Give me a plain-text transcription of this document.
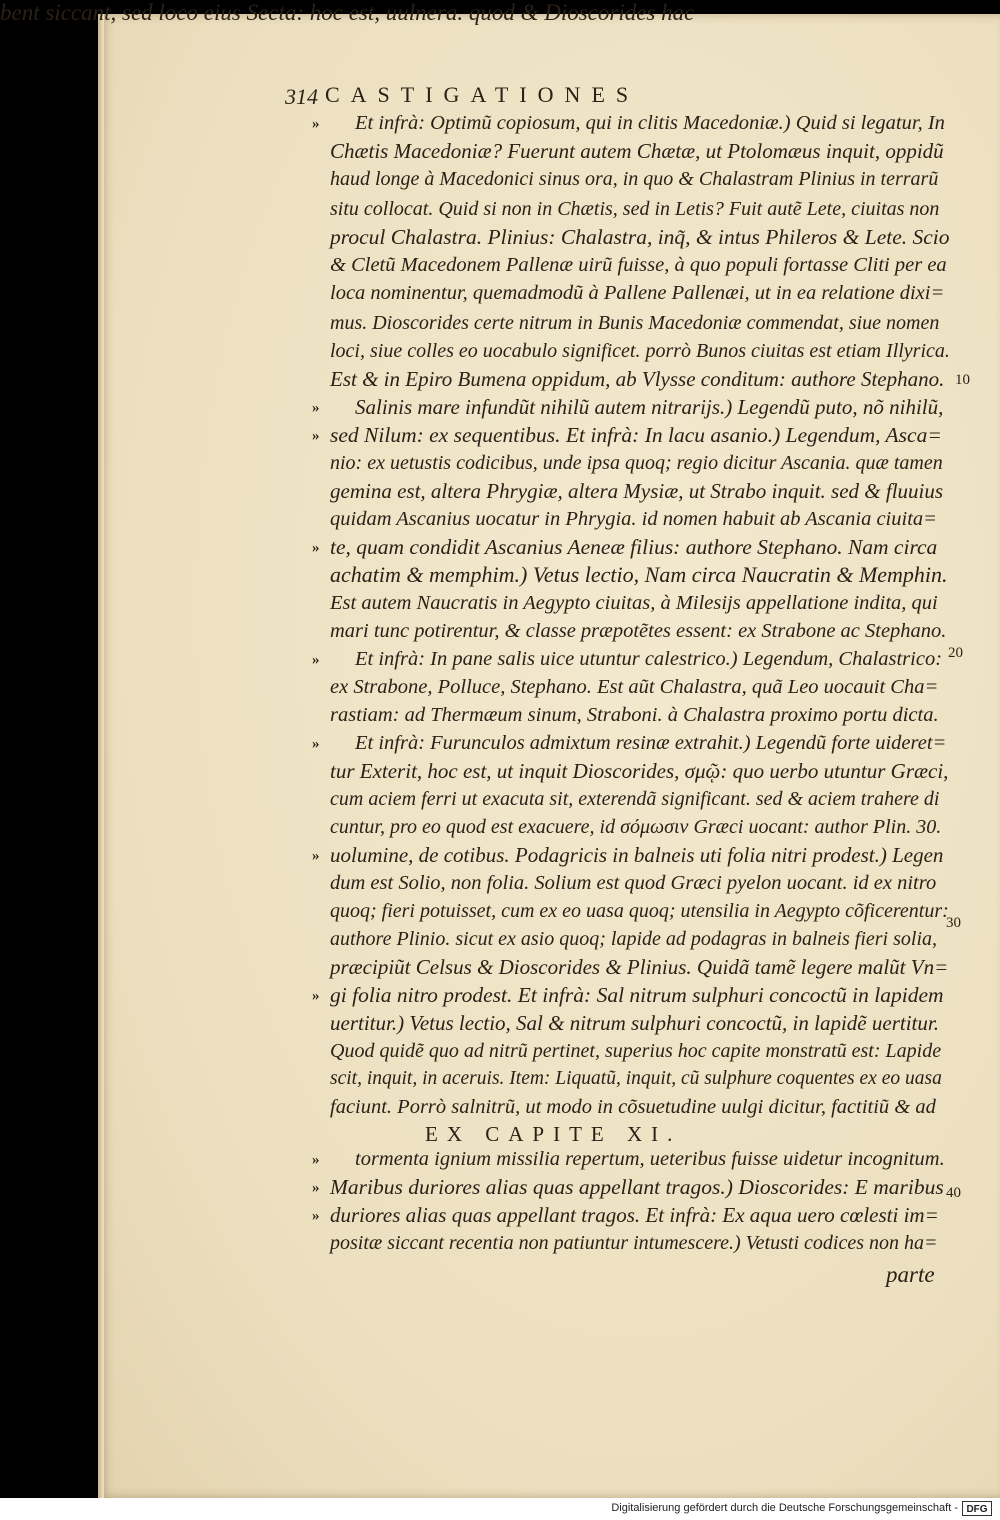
314 CASTIGATIONES
Et infrà: Optimũ copiosum, qui in clitis Macedoniæ.) Quid si legatur, In
Chætis Macedoniæ? Fuerunt autem Chætæ, ut Ptolomæus inquit, oppidũ
haud longe à Macedonici sinus ora, in quo & Chalastram Plinius in terrarũ
situ collocat. Quid si non in Chætis, sed in Letis? Fuit autẽ Lete, ciuitas non
procul Chalastra. Plinius: Chalastra, inq̃, & intus Phileros & Lete. Scio
& Cletũ Macedonem Pallenæ uirũ fuisse, à quo populi fortasse Cliti per ea
loca nominentur, quemadmodũ à Pallene Pallenæi, ut in ea relatione dixi=
mus. Dioscorides certe nitrum in Bunis Macedoniæ commendat, siue nomen
loci, siue colles eo uocabulo significet. porrò Bunos ciuitas est etiam Illyrica.
Est & in Epiro Bumena oppidum, ab Vlysse conditum: authore Stephano.
Salinis mare infundũt nihilũ autem nitrarijs.) Legendũ puto, nõ nihilũ,
sed Nilum: ex sequentibus. Et infrà: In lacu asanio.) Legendum, Asca=
nio: ex uetustis codicibus, unde ipsa quoq; regio dicitur Ascania. quæ tamen
gemina est, altera Phrygiæ, altera Mysiæ, ut Strabo inquit. sed & fluuius
quidam Ascanius uocatur in Phrygia. id nomen habuit ab Ascania ciuita=
te, quam condidit Ascanius Aeneæ filius: authore Stephano. Nam circa
achatim & memphim.) Vetus lectio, Nam circa Naucratin & Memphin.
Est autem Naucratis in Aegypto ciuitas, à Milesijs appellatione indita, qui
mari tunc potirentur, & classe præpotẽtes essent: ex Strabone ac Stephano.
Et infrà: In pane salis uice utuntur calestrico.) Legendum, Chalastrico:
ex Strabone, Polluce, Stephano. Est aũt Chalastra, quã Leo uocauit Cha=
rastiam: ad Thermæum sinum, Straboni. à Chalastra proximo portu dicta.
Et infrà: Furunculos admixtum resinæ extrahit.) Legendũ forte uideret=
tur Exterit, hoc est, ut inquit Dioscorides, σμῷ: quo uerbo utuntur Græci,
cum aciem ferri ut exacuta sit, exterendã significant. sed & aciem trahere di
cuntur, pro eo quod est exacuere, id σόμωσιν Græci uocant: author Plin. 30.
uolumine, de cotibus. Podagricis in balneis uti folia nitri prodest.) Legen
dum est Solio, non folia. Solium est quod Græci pyelon uocant. id ex nitro
quoq; fieri potuisset, cum ex eo uasa quoq; utensilia in Aegypto cõficerentur:
authore Plinio. sicut ex asio quoq; lapide ad podagras in balneis fieri solia,
præcipiũt Celsus & Dioscorides & Plinius. Quidã tamẽ legere malũt Vn=
gi folia nitro prodest. Et infrà: Sal nitrum sulphuri concoctũ in lapidem
uertitur.) Vetus lectio, Sal & nitrum sulphuri concoctũ, in lapidẽ uertitur.
Quod quidẽ quo ad nitrũ pertinet, superius hoc capite monstratũ est: Lapide
scit, inquit, in aceruis. Item: Liquatũ, inquit, cũ sulphure coquentes ex eo uasa
faciunt. Porrò salnitrũ, ut modo in cõsuetudine uulgi dicitur, factitiũ & ad
tormenta ignium missilia repertum, ueteribus fuisse uidetur incognitum.
Maribus duriores alias quas appellant tragos.) Dioscorides: E maribus
duriores alias quas appellant tragos. Et infrà: Ex aqua uero cœlesti im=
positæ siccant recentia non patiuntur intumescere.) Vetusti codices non ha=
bent siccant, sed loco eius Secta: hoc est, uulnera. quod & Dioscorides hac
»
»
»
»
»
»
»
»
»
»
»
EX CAPITE XI.
10
20
30
40
parte
Digitalisierung gefördert durch die Deutsche Forschungsgemeinschaft - DFG
